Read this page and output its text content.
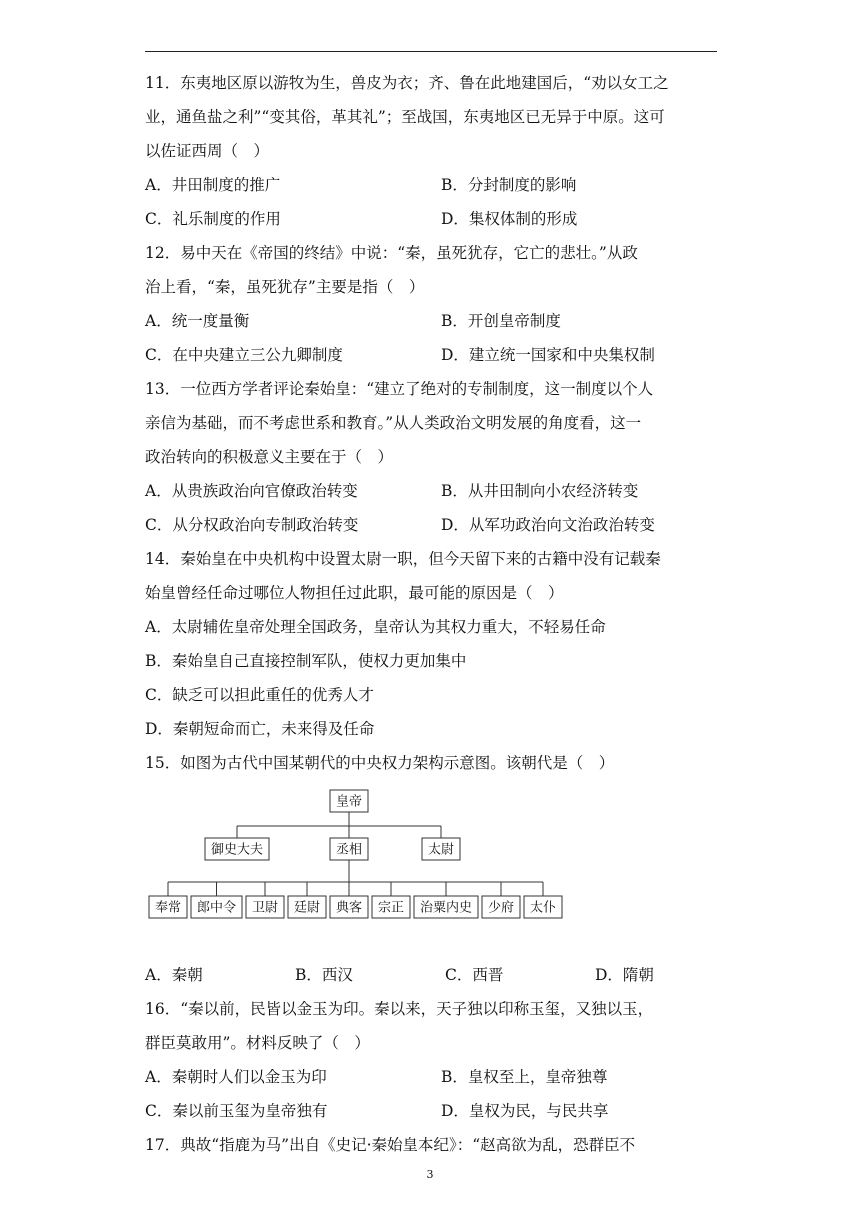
11．东夷地区原以游牧为生，兽皮为衣；齐、鲁在此地建国后，“劝以女工之
业，通鱼盐之利”“变其俗，革其礼”；至战国，东夷地区已无异于中原。这可
以佐证西周（　）
A．井田制度的推广	B．分封制度的影响
C．礼乐制度的作用	D．集权体制的形成
12．易中天在《帝国的终结》中说：“秦，虽死犹存，它亡的悲壮。”从政
治上看，“秦，虽死犹存”主要是指（　）
A．统一度量衡	B．开创皇帝制度
C．在中央建立三公九卿制度	D．建立统一国家和中央集权制
13．一位西方学者评论秦始皇：“建立了绝对的专制制度，这一制度以个人
亲信为基础，而不考虑世系和教育。”从人类政治文明发展的角度看，这一
政治转向的积极意义主要在于（　）
A．从贵族政治向官僚政治转变	B．从井田制向小农经济转变
C．从分权政治向专制政治转变	D．从军功政治向文治政治转变
14．秦始皇在中央机构中设置太尉一职，但今天留下来的古籍中没有记载秦
始皇曾经任命过哪位人物担任过此职，最可能的原因是（　）
A．太尉辅佐皇帝处理全国政务，皇帝认为其权力重大，不轻易任命
B．秦始皇自己直接控制军队，使权力更加集中
C．缺乏可以担此重任的优秀人才
D．秦朝短命而亡，未来得及任命
15．如图为古代中国某朝代的中央权力架构示意图。该朝代是（　）
皇帝
御史大夫	丞相	太尉
奉常 郎中令 卫尉 廷尉 典客 宗正 治粟内史 少府 太仆
A．秦朝	B．西汉	C．西晋	D．隋朝
16．“秦以前，民皆以金玉为印。秦以来，天子独以印称玉玺，又独以玉，
群臣莫敢用”。材料反映了（　）
A．秦朝时人们以金玉为印	B．皇权至上，皇帝独尊
C．秦以前玉玺为皇帝独有	D．皇权为民，与民共享
17．典故“指鹿为马”出自《史记·秦始皇本纪》：“赵高欲为乱，恐群臣不
3
